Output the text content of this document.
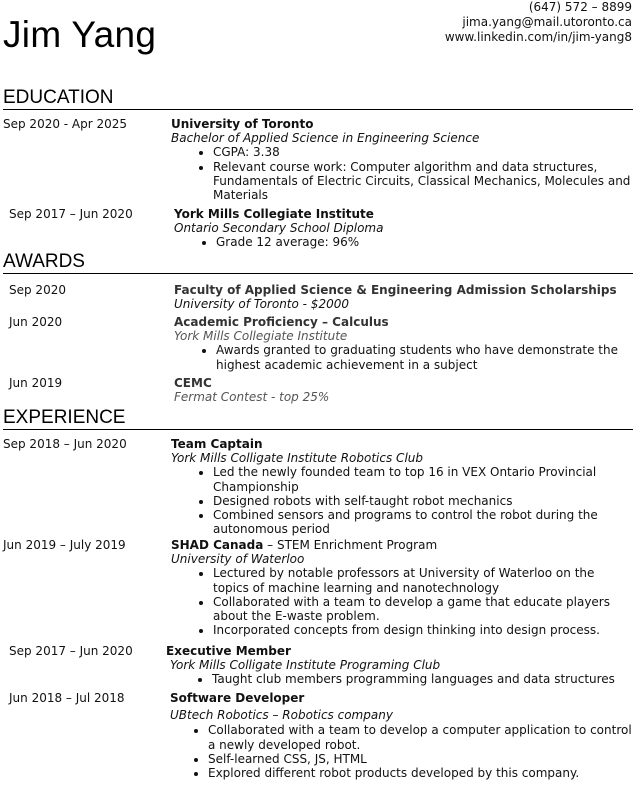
Jim Yang
(647) 572 – 8899
jima.yang@mail.utoronto.ca
www.linkedin.com/in/jim-yang8
EDUCATION
Sep 2020 - Apr 2025	University of Toronto
Bachelor of Applied Science in Engineering Science
• CGPA: 3.38
• Relevant course work: Computer algorithm and data structures, Fundamentals of Electric Circuits, Classical Mechanics, Molecules and Materials
Sep 2017 – Jun 2020	York Mills Collegiate Institute
Ontario Secondary School Diploma
• Grade 12 average: 96%
AWARDS
Sep 2020	Faculty of Applied Science & Engineering Admission Scholarships
University of Toronto - $2000
Jun 2020	Academic Proficiency – Calculus
York Mills Collegiate Institute
• Awards granted to graduating students who have demonstrate the highest academic achievement in a subject
Jun 2019	CEMC
Fermat Contest - top 25%
EXPERIENCE
Sep 2018 – Jun 2020	Team Captain
York Mills Colligate Institute Robotics Club
• Led the newly founded team to top 16 in VEX Ontario Provincial Championship
• Designed robots with self-taught robot mechanics
• Combined sensors and programs to control the robot during the autonomous period
Jun 2019 – July 2019	SHAD Canada – STEM Enrichment Program
University of Waterloo
• Lectured by notable professors at University of Waterloo on the topics of machine learning and nanotechnology
• Collaborated with a team to develop a game that educate players about the E-waste problem.
• Incorporated concepts from design thinking into design process.
Sep 2017 – Jun 2020	Executive Member
York Mills Colligate Institute Programing Club
• Taught club members programming languages and data structures
Jun 2018 – Jul 2018	Software Developer
UBtech Robotics – Robotics company
• Collaborated with a team to develop a computer application to control a newly developed robot.
• Self-learned CSS, JS, HTML
• Explored different robot products developed by this company.
